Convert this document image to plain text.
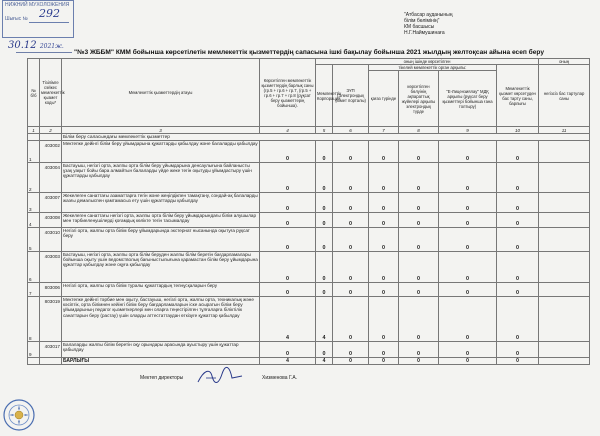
НИЖНИЙ МУХОЛОЖЕНИЯ
Шығыс №	292
30.12 2021ж.
"Атбасар ауданының
білім бөлімінің"
КМ басшысы
Н.Г.Наймушинаға
"№3 ЖББМ" КММ бойынша көрсетілетін мемлекеттік қызметтердің сапасына ішкі бақылау бойынша 2021 жылдың желтоқсан айына есеп беру
№ б/б	Тізілімге сәйкес мемлекеттік қызмет коды*	Мемлекеттік қызметтердің атауы	Көрсетілген мемлекеттік қызметтердің барлық саны (гр.5 + гр.6 + гр.7, (гр.5 + гр.6 + гр.7 + гр.8 (рұқсат беру қызметтерің бойынша).	оның ішінде көрсетілген						оның
				Мемлекеттік Корпорация	ЭҮП (Электрондық үкімет порталы)	тікелей мемлекеттік орган арқылы:			Мемлекеттік қызмет көрсетуден бас тарту саны, барлығы	негізсіз бас тартулар саны
						қағаз түрінде	көрсетілген бөлуінің ақпараттық жүйелері арқылы электрондық түрде	"Е-Лицензиялау" МДҚ арқылы (рұқсат беру қызметтері бойынша ғана толтыру)		
1	2	3	4	5	6	7	8	9	10	11
		Білім беру саласындағы мемлекеттік қызметтер								
1	403002	Мектепке дейінгі білім беру ұйымдарына құжаттарды қабылдау және балаларды қабылдау	0	0	0	0	0	0	0	
2	403004	Бастауыш, негізгі орта, жалпы орта білім беру ұйымдарына денсаулығына байланысты ұзақ уақыт бойы бара алмайтын балаларды үйде жеке тегін оқытуды ұйымдастыру үшін құжаттарды қабылдау	0	0	0	0	0	0	0	
3	403007	Жекелеген санаттағы азаматтарға тегін және жеңілдікпен тамақтану, сондай-ақ балаларды жазғы демалыспен қамтамасыз ету үшін құжаттарды қабылдау	0	0	0	0	0	0	0	
4	403008	Жекелеген санаттағы негізгі орта, жалпы орта білім беру ұйымдарындағы білім алушылар мен тәрбиеленушілерді қоғамдық көлікте тегін тасымалдау	0	0	0	0	0	0	0	
5	403010	Негізгі орта, жалпы орта білім беру ұйымдарында экстернат нысанында оқытуға рұқсат беру	0	0	0	0	0	0	0	
6	403003	Бастауыш, негізгі орта, жалпы орта білім беруден жалпы білім беретін бағдарламалары бойынша оқыту үшін ведомстволық бағыныстылығына қарамастан білім беру ұйымдарына құжаттар қабылдау және оқуға қабылдау	0	0	0	0	0	0	0	
7	803006	Негізгі орта, жалпы орта білім туралы құжаттардың телнұсқаларын беру	0	0	0	0	0	0	0	
8	803019	Мектепке дейінгі тәрбие мен оқыту, бастауыш, негізгі орта, жалпы орта, техникалық және кәсіптік, орта білімнен кейінгі білім беру бағдарламаларын іске асыратын білім беру ұйымдарының педагог қызметкерлері мен оларға теңестірілген тұлғаларға біліктілік санаттарын беру (растау) үшін оларды аттестаттаудан өткізуге құжаттар қабылдау	4	4	0	0	0	0	0	
9	403017	Балаларды жалпы білім беретін оқу орындары арасында ауыстыру үшін құжаттар қабылдау	0	0	0	0	0	0	0	
		БАРЛЫҒЫ	4	4	0	0	0	0	0	
Мектеп директоры	Хизменова Г.А.
